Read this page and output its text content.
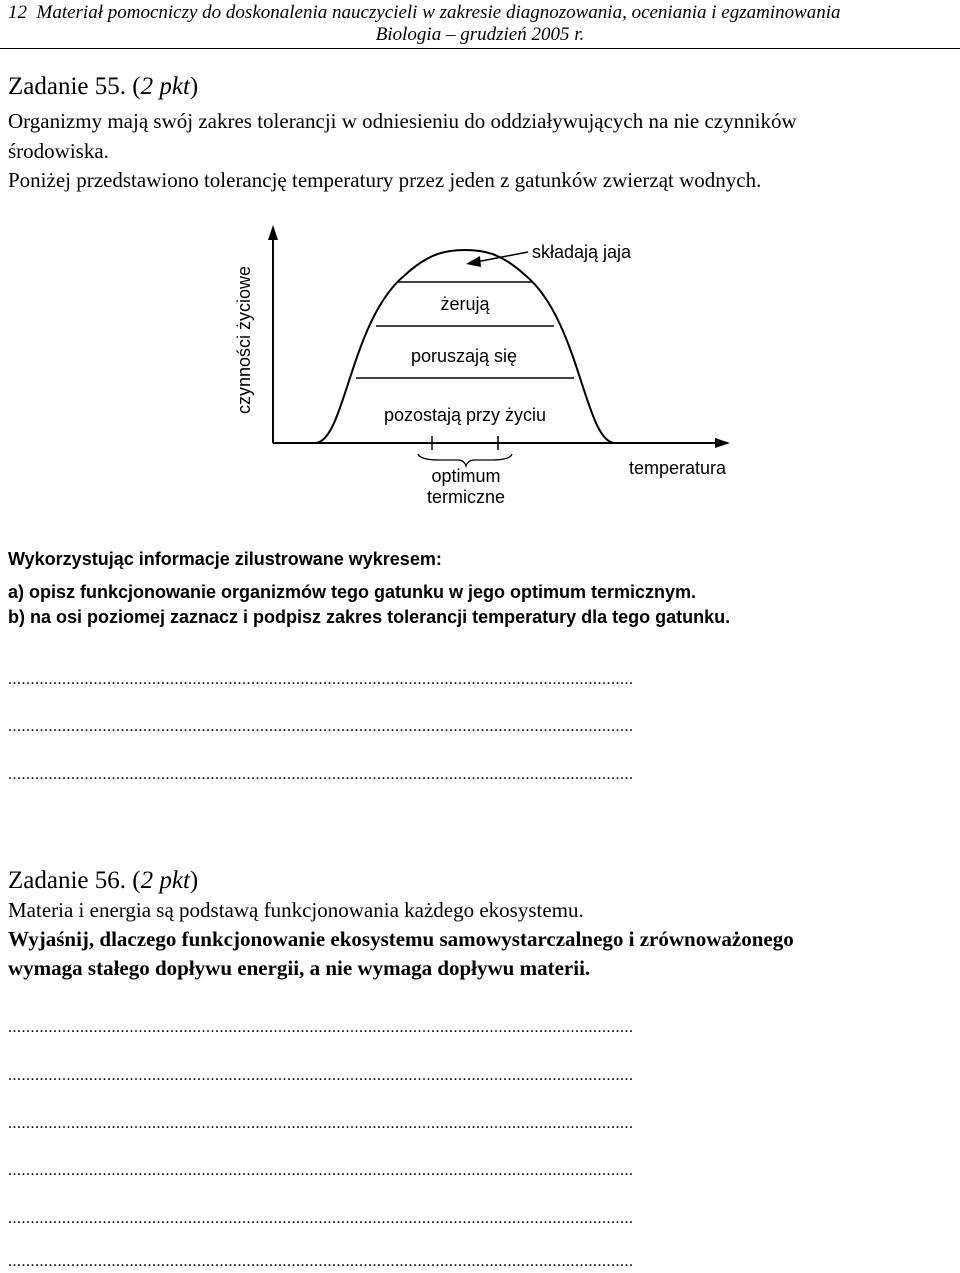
12 Materiał pomocniczy do doskonalenia nauczycieli w zakresie diagnozowania, oceniania i egzaminowania
Biologia – grudzień 2005 r.
Zadanie 55. (2 pkt)
Organizmy mają swój zakres tolerancji w odniesieniu do oddziaływujących na nie czynników
środowiska.
Poniżej przedstawiono tolerancję temperatury przez jeden z gatunków zwierząt wodnych.
żerują
poruszają się
pozostają przy życiu
składają jaja
czynności życiowe
optimum
termiczne
temperatura
Wykorzystując informacje zilustrowane wykresem:
a) opisz funkcjonowanie organizmów tego gatunku w jego optimum termicznym.
b) na osi poziomej zaznacz i podpisz zakres tolerancji temperatury dla tego gatunku.
...........................................................................................................................................
...........................................................................................................................................
...........................................................................................................................................
Zadanie 56. (2 pkt)
Materia i energia są podstawą funkcjonowania każdego ekosystemu.
Wyjaśnij, dlaczego funkcjonowanie ekosystemu samowystarczalnego i zrównoważonego
wymaga stałego dopływu energii, a nie wymaga dopływu materii.
...........................................................................................................................................
...........................................................................................................................................
...........................................................................................................................................
...........................................................................................................................................
...........................................................................................................................................
...........................................................................................................................................
